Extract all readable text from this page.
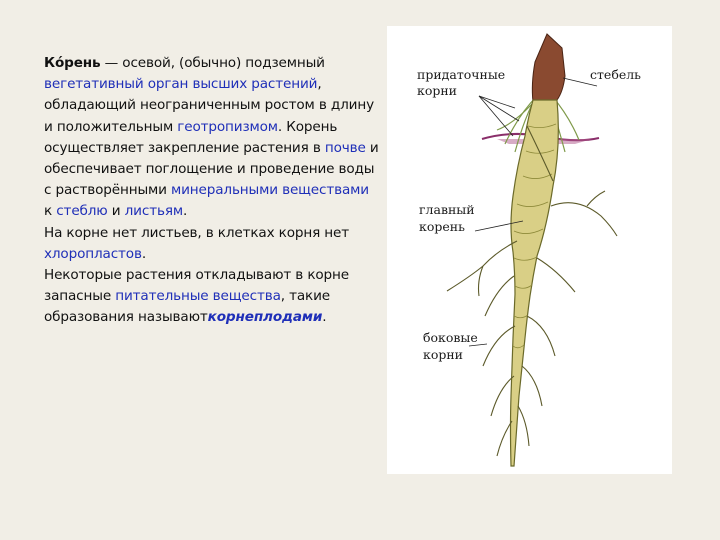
Ко́рень — осевой, (обычно) подземный вегетативный орган высших растений, обладающий неограниченным ростом в длину и положительным геотропизмом. Корень осуществляет закрепление растения в почве и обеспечивает поглощение и проведение воды с растворёнными минеральными веществами к стеблю и листьям.

На корне нет листьев, в клетках корня нет хлоропластов.

Некоторые растения откладывают в корне запасные питательные вещества, такие образования называюткорнеплодами.

придаточные
корни
стебель
главный
корень
боковые
корни
